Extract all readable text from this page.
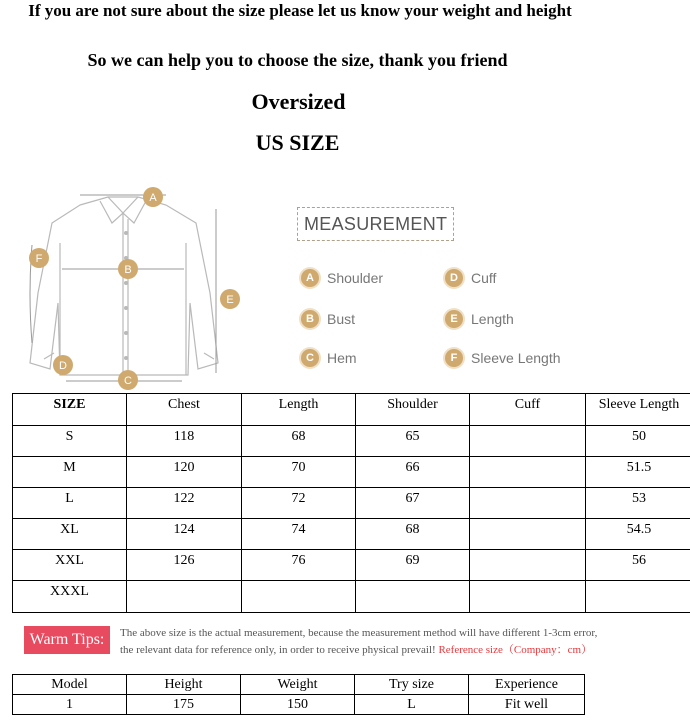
If you are not sure about the size please let us know your weight and height
So we can help you to choose the size, thank you friend
Oversized
US SIZE
A
B
C
D
E
F
MEASUREMENT
A Shoulder
B Bust
C Hem
D Cuff
E Length
F Sleeve Length
SIZE	Chest	Length	Shoulder	Cuff	Sleeve Length
S	118	68	65		50
M	120	70	66		51.5
L	122	72	67		53
XL	124	74	68		54.5
XXL	126	76	69		56
XXXL					
Warm Tips:	The above size is the actual measurement, because the measurement method will have different 1-3cm error,
the relevant data for reference only, in order to receive physical prevail! Reference size（Company：cm）
Model	Height	Weight	Try size	Experience
1	175	150	L	Fit well
